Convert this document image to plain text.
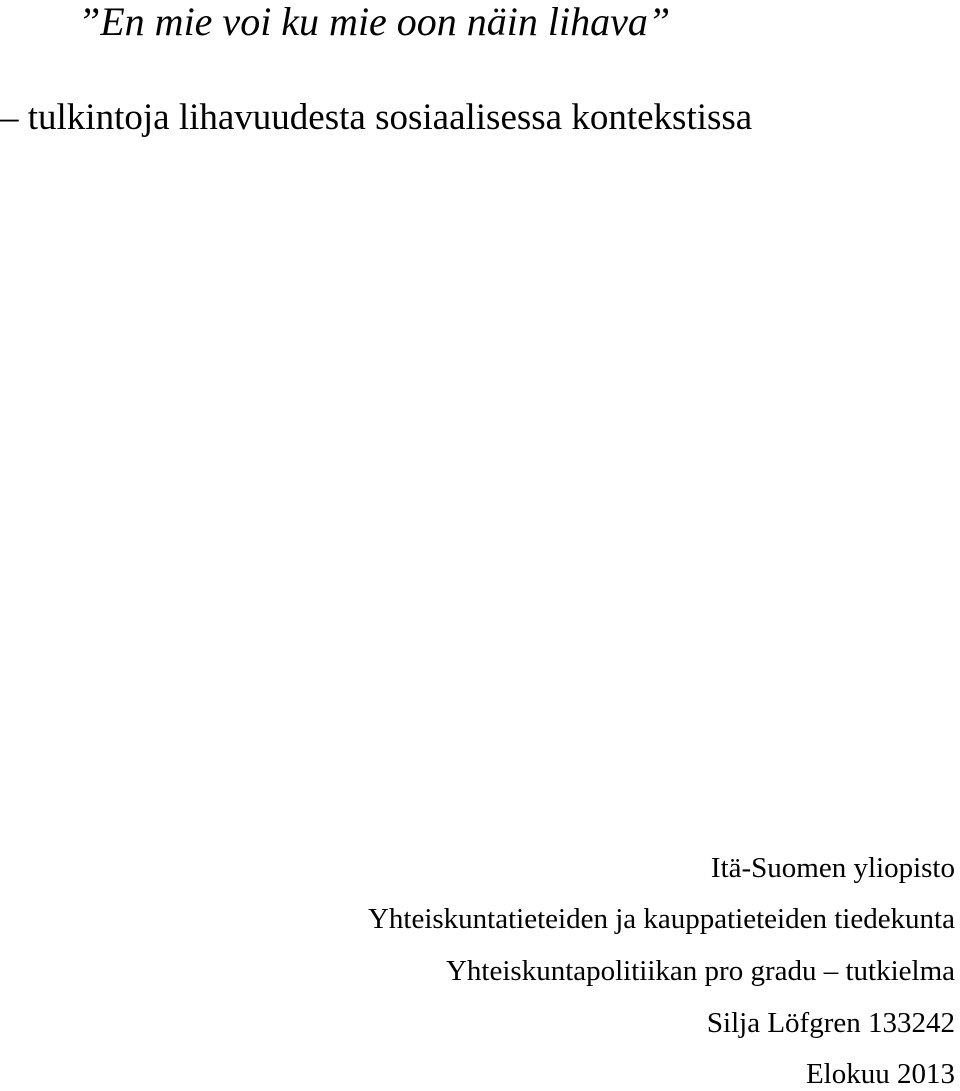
”En mie voi ku mie oon näin lihava”
– tulkintoja lihavuudesta sosiaalisessa kontekstissa
Itä-Suomen yliopisto
Yhteiskuntatieteiden ja kauppatieteiden tiedekunta
Yhteiskuntapolitiikan pro gradu – tutkielma
Silja Löfgren 133242
Elokuu 2013
